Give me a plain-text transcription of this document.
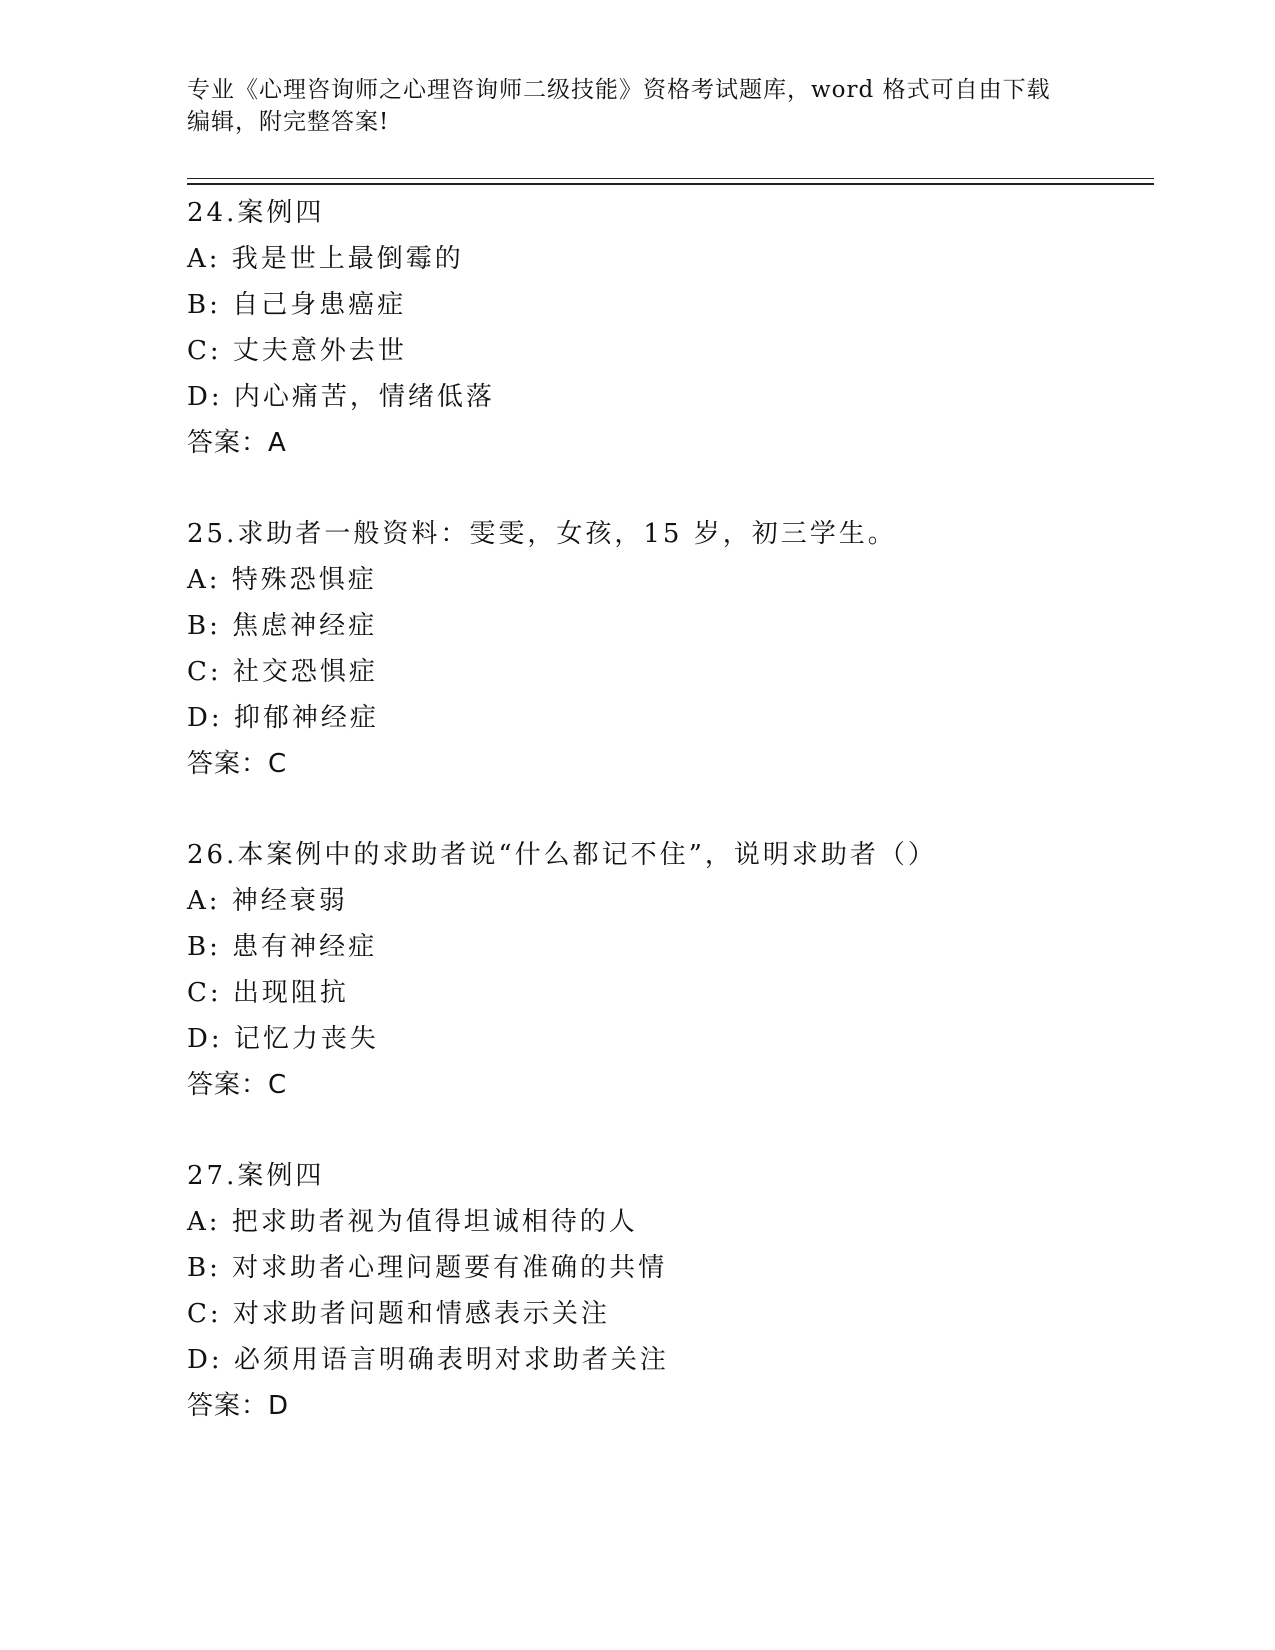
专业《心理咨询师之心理咨询师二级技能》资格考试题库，word 格式可自由下载
编辑，附完整答案!
24.案例四
A: 我是世上最倒霉的
B: 自己身患癌症
C: 丈夫意外去世
D: 内心痛苦，情绪低落
答案：A
25.求助者一般资料：雯雯，女孩，15 岁，初三学生。
A: 特殊恐惧症
B: 焦虑神经症
C: 社交恐惧症
D: 抑郁神经症
答案：C
26.本案例中的求助者说“什么都记不住”，说明求助者（）
A: 神经衰弱
B: 患有神经症
C: 出现阻抗
D: 记忆力丧失
答案：C
27.案例四
A: 把求助者视为值得坦诚相待的人
B: 对求助者心理问题要有准确的共情
C: 对求助者问题和情感表示关注
D: 必须用语言明确表明对求助者关注
答案：D
